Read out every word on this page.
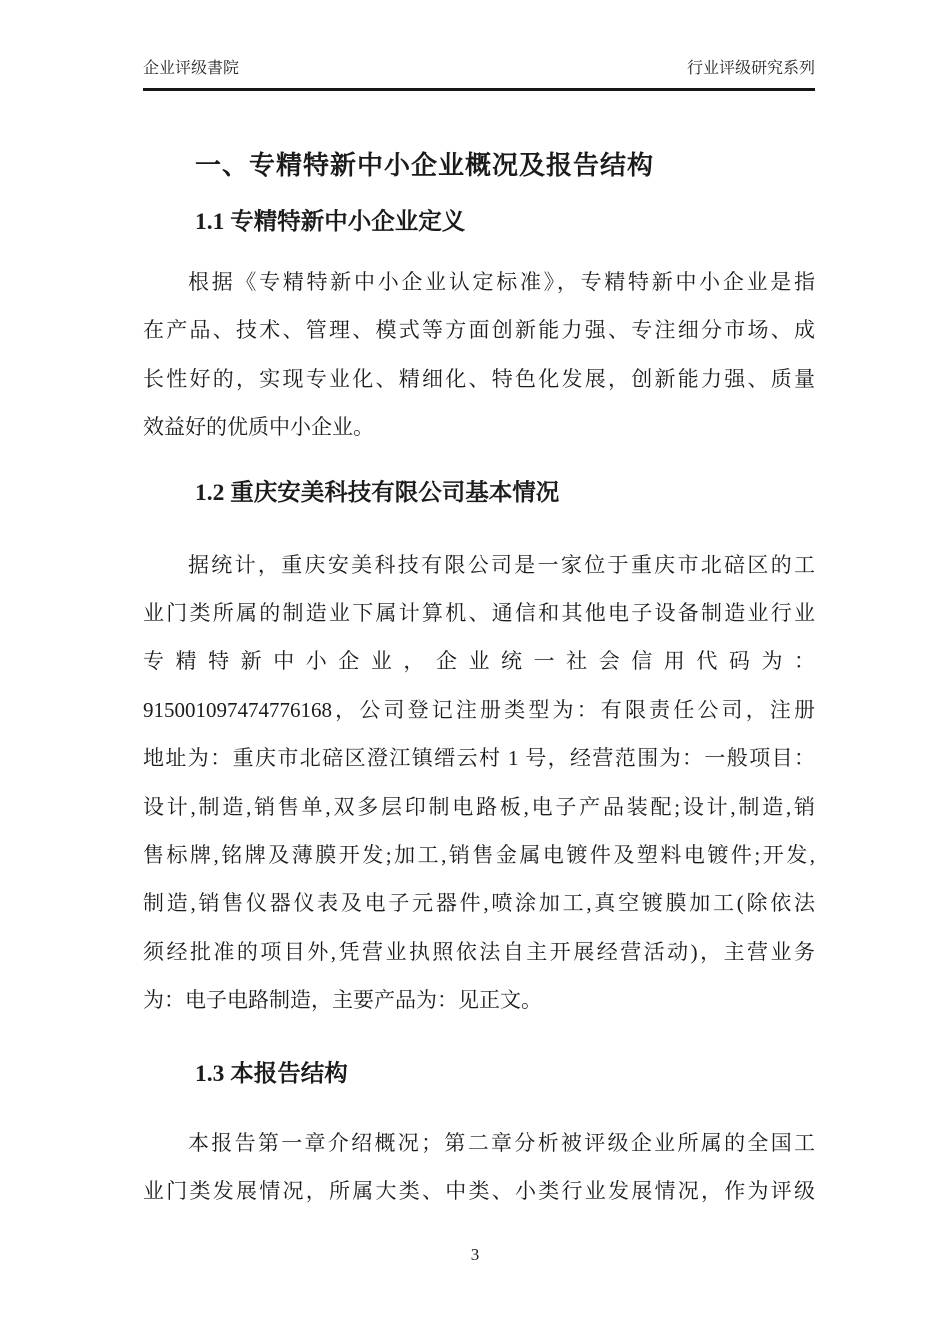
企业评级書院	行业评级研究系列
一、专精特新中小企业概况及报告结构
1.1 专精特新中小企业定义
根据《专精特新中小企业认定标准》，专精特新中小企业是指
在产品、技术、管理、模式等方面创新能力强、专注细分市场、成
长性好的，实现专业化、精细化、特色化发展，创新能力强、质量
效益好的优质中小企业。
1.2 重庆安美科技有限公司基本情况
据统计，重庆安美科技有限公司是一家位于重庆市北碚区的工
业门类所属的制造业下属计算机、通信和其他电子设备制造业行业
专精特新中小企业，企业统一社会信用代码为：
915001097474776168，公司登记注册类型为：有限责任公司，注册
地址为：重庆市北碚区澄江镇缙云村 1 号，经营范围为：一般项目：
设计,制造,销售单,双多层印制电路板,电子产品装配;设计,制造,销
售标牌,铭牌及薄膜开发;加工,销售金属电镀件及塑料电镀件;开发,
制造,销售仪器仪表及电子元器件,喷涂加工,真空镀膜加工(除依法
须经批准的项目外,凭营业执照依法自主开展经营活动)，主营业务
为：电子电路制造，主要产品为：见正文。
1.3 本报告结构
本报告第一章介绍概况；第二章分析被评级企业所属的全国工
业门类发展情况，所属大类、中类、小类行业发展情况，作为评级
3
